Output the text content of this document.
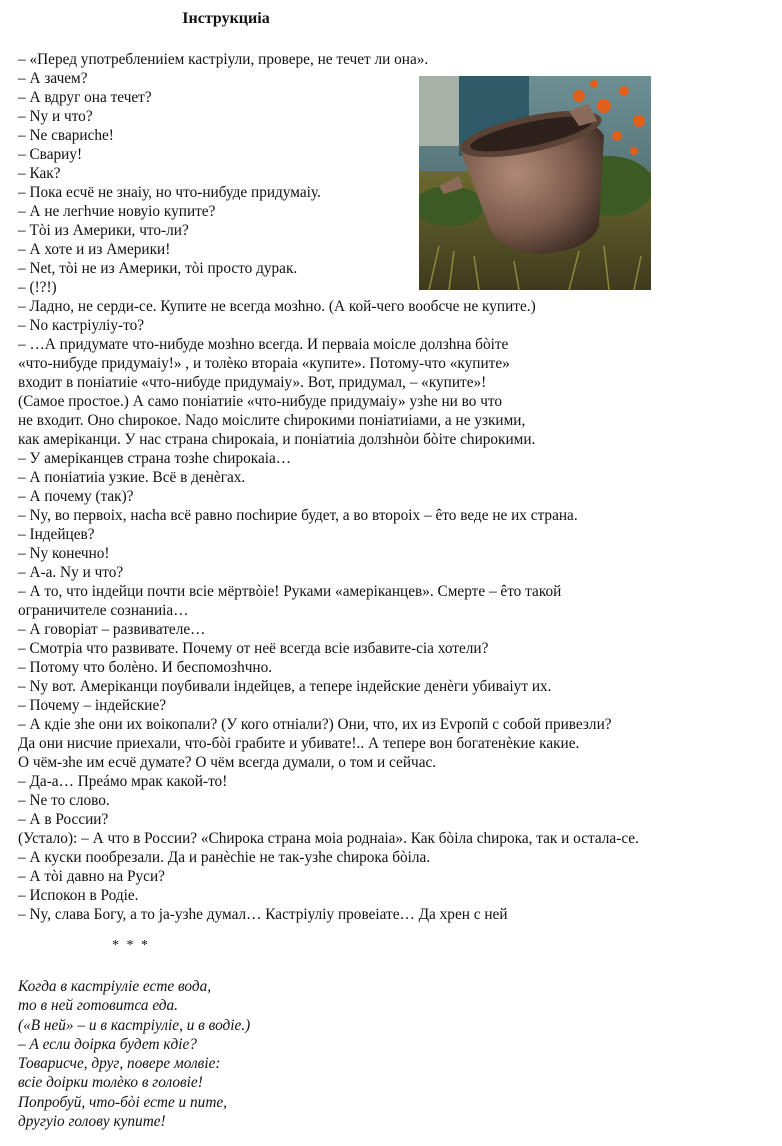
Інструкциіа
– «Перед употреблениіем кастріули, провере, не течет ли она».
– А зачем?
– А вдруг она течет?
– Ny и что?
– Ne свариche!
– Свариу!
– Как?
– Пока есчё не знаiу, но что-нибуде придумаiу.
– А не легhчие новуiо купите?
– Тòі из Америки, что-ли?
– А хоте и из Америки!
– Net, тòі не из Америки, тòі просто дурак.
– (!?!)
– Ладно, не серди-се. Купите не всегда мозhно. (А кой-чего вообсче не купите.)
– No кастріулiу-то?
– …А придумате что-нибуде мозhно всегда. И перваiа моісле долзhна бòіте
«что-нибуде придумаiу!» , и толèко втораiа «купите». Потому-что «купите»
входит в поніатиіе «что-нибуде придумаiу». Вот, придумал, – «купите»!
(Самое простое.) А само поніатиіе «что-нибуде придумаiу» узhe ни во что
не входит. Оно chирокое. Nадо моіслите chирокими поніатиіами, а не узкими,
как амеріканци. У нас страна chирокаiа, и поніатиіа долзhнòи бòіте chирокими.
– У амеріканцев страна тозhe chирокаiа…
– А поніатиіа узкие. Всё в денèгах.
– А почему (так)?
– Ny, во первоіх, наchа всё равно поchирие будет, а во второіх – êто веде не их страна.
– Індейцев?
– Ny конечно!
– А-а. Ny и что?
– А то, что індейци почти всіе мёртвòіе! Руками «амеріканцев». Смерте – êто такой
ограничителе сознаниіа…
– А говоріат – развивателе…
– Смотріа что развивате. Почему от неё всегда всіе избавите-сіа хотели?
– Потому что болèно. И беспомозhчно.
– Ny вот. Амеріканци поубивали індейцев, а тепере індейские денèги убиваiут их.
– Почему – індейские?
– А кдіе зhe они их воікопали? (У кого отніали?) Они, что, их из Еvропй с собой привезли?
Да они нисчие приехали, что-бòі грабите и убивате!.. А тепере вон богатенèкие какие.
О чём-зhe им есчё думате? О чём всегда думали, о том и сейчас.
– Да-а… Преáмо мрак какой-то!
– Ne то слово.
– А в России?
(Устало): – А что в России? «Chирока страна моіа роднаiа». Как бòіла chирока, так и остала-се.
– А куски пообрезали. Да и ранèchie не так-узhe chирока бòіла.
– А тòі давно на Руси?
– Испокон в Родіе.
– Ny, слава Богу, а то ja-узhe думал… Кастріулiу провеіате… Да хрен с ней
* * *
Когда в кастріулiе есте вода,
то в ней готовитса еда.
(«В ней» – и в кастріулiе, и в водіе.)
– А если доірка будет кдіе?
Товарисче, друг, повере молвіе:
всіе доірки толèко в головіе!
Попробуй, что-бòі есте и пите,
другуiо голову купите!
